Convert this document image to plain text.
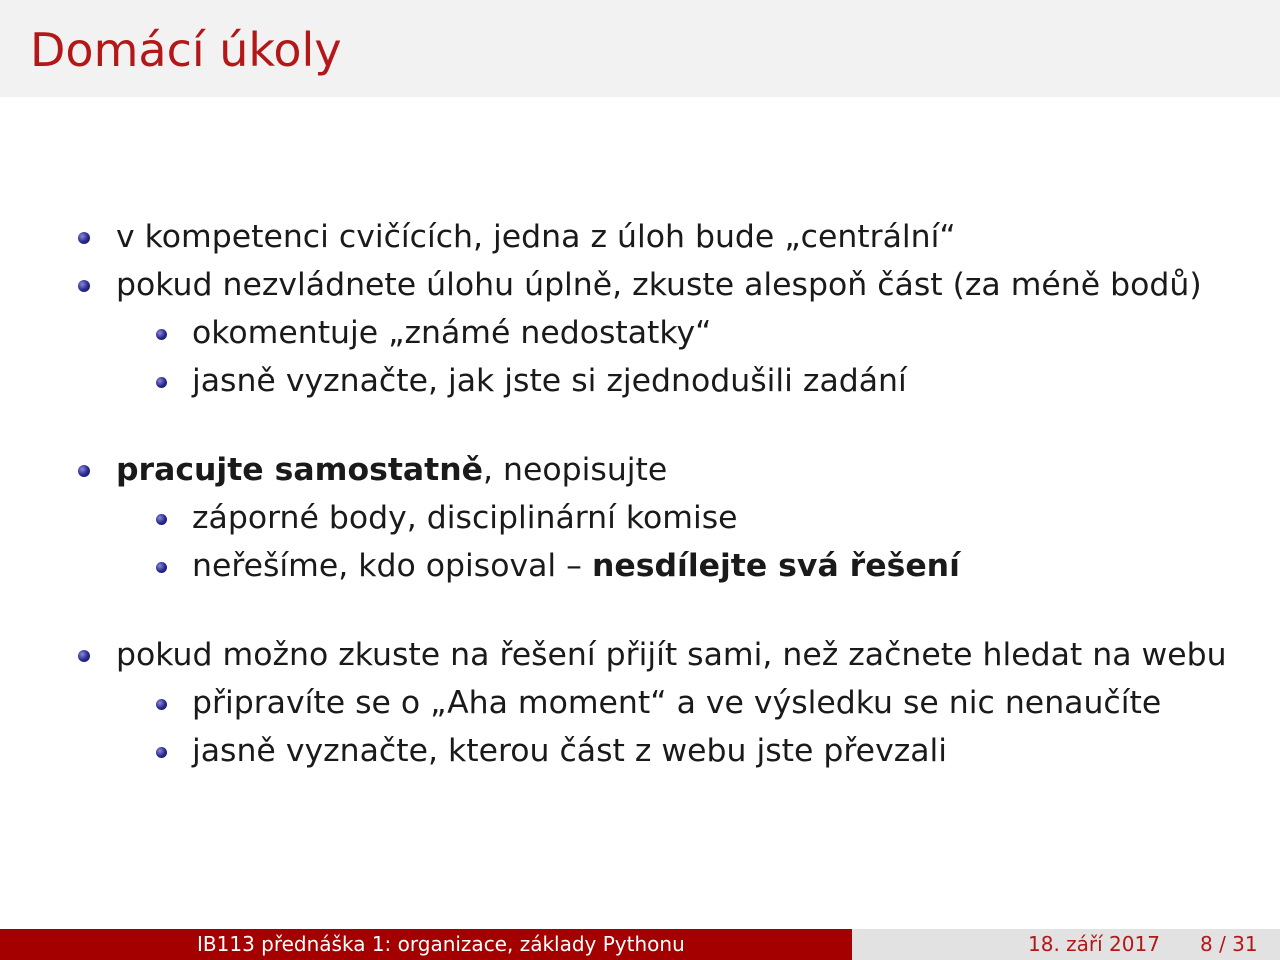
Domácí úkoly
v kompetenci cvičících, jedna z úloh bude „centrální“
pokud nezvládnete úlohu úplně, zkuste alespoň část (za méně bodů)
okomentuje „známé nedostatky“
jasně vyznačte, jak jste si zjednodušili zadání
pracujte samostatně, neopisujte
záporné body, disciplinární komise
neřešíme, kdo opisoval – nesdílejte svá řešení
pokud možno zkuste na řešení přijít sami, než začnete hledat na webu
připravíte se o „Aha moment“ a ve výsledku se nic nenaučíte
jasně vyznačte, kterou část z webu jste převzali
IB113 přednáška 1: organizace, základy Pythonu	18. září 2017 8 / 31
